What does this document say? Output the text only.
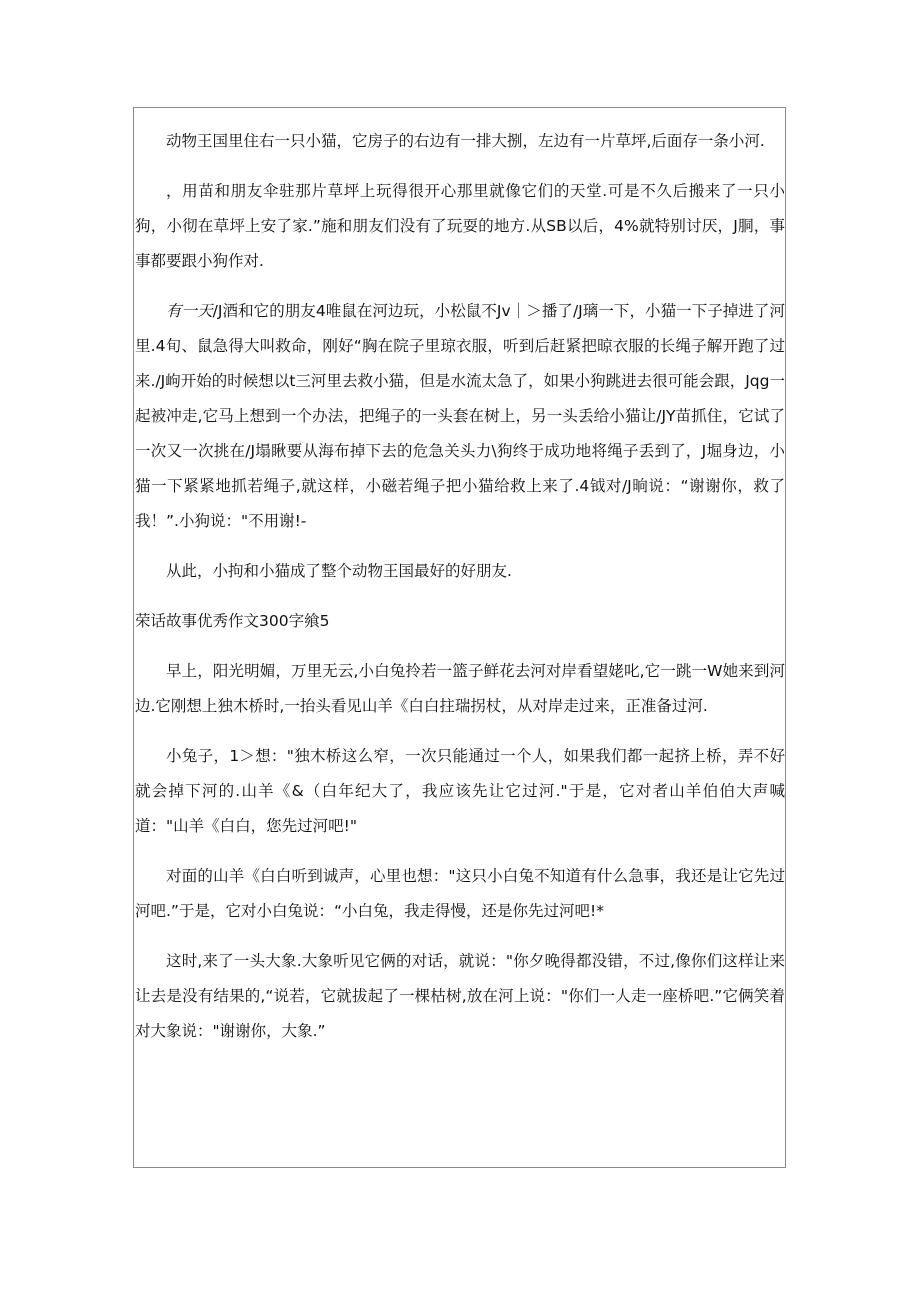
动物王国里住右一只小猫，它房子的右边有一排大捌，左边有一片草坪,后面存一条小河.

，用苗和朋友伞驻那片草坪上玩得很开心那里就像它们的天堂.可是不久后搬来了一只小狗，小彻在草坪上安了家.”施和朋友们没有了玩耍的地方.从SB以后，4%就特别讨厌，J胴，事事都要跟小狗作对.

有一天/J酒和它的朋友4唯鼠在河边玩，小松鼠不Jv｜＞播了/J璃一下，小猫一下子掉进了河里.4旬、鼠急得大叫救命，刚好“胸在院子里琼衣服，听到后赶紧把晾衣服的长绳子解开跑了过来./J岣开始的时候想以t三河里去救小猫，但是水流太急了，如果小狗跳进去很可能会跟，Jqg一起被冲走,它马上想到一个办法，把绳子的一头套在树上，另一头丢给小猫让/JY苗抓住，它试了一次又一次挑在/J塌瞅要从海布掉下去的危急关头力\狗终于成功地将绳子丢到了，J堀身边，小猫一下紧紧地抓若绳子,就这样，小磁若绳子把小猫给救上来了.4钺对/J晌说：“谢谢你，救了我！”.小狗说："不用谢!-

从此，小拘和小猫成了整个动物王国最好的好朋友.

荣话故事优秀作文300字飨5

早上，阳光明媚，万里无云,小白兔拎若一篮子鲜花去河对岸看望姥叱,它一跳一W她来到河边.它刚想上独木桥时,一抬头看见山羊《白白拄瑞拐杖，从对岸走过来，正准备过河.

小兔子，1＞想："独木桥这么窄，一次只能通过一个人，如果我们都一起挤上桥，弄不好就会掉下河的.山羊《&（白年纪大了，我应该先让它过河."于是，它对者山羊伯伯大声喊道："山羊《白白，您先过河吧!"

对面的山羊《白白听到诚声，心里也想："这只小白兔不知道有什么急事，我还是让它先过河吧.”于是，它对小白兔说：“小白兔，我走得慢，还是你先过河吧!*

这时,来了一头大象.大象听见它俩的对话，就说："你夕晚得都没错，不过,像你们这样让来让去是没有结果的,“说若，它就拔起了一棵枯树,放在河上说："你们一人走一座桥吧.”它俩笑着对大象说："谢谢你，大象.”
